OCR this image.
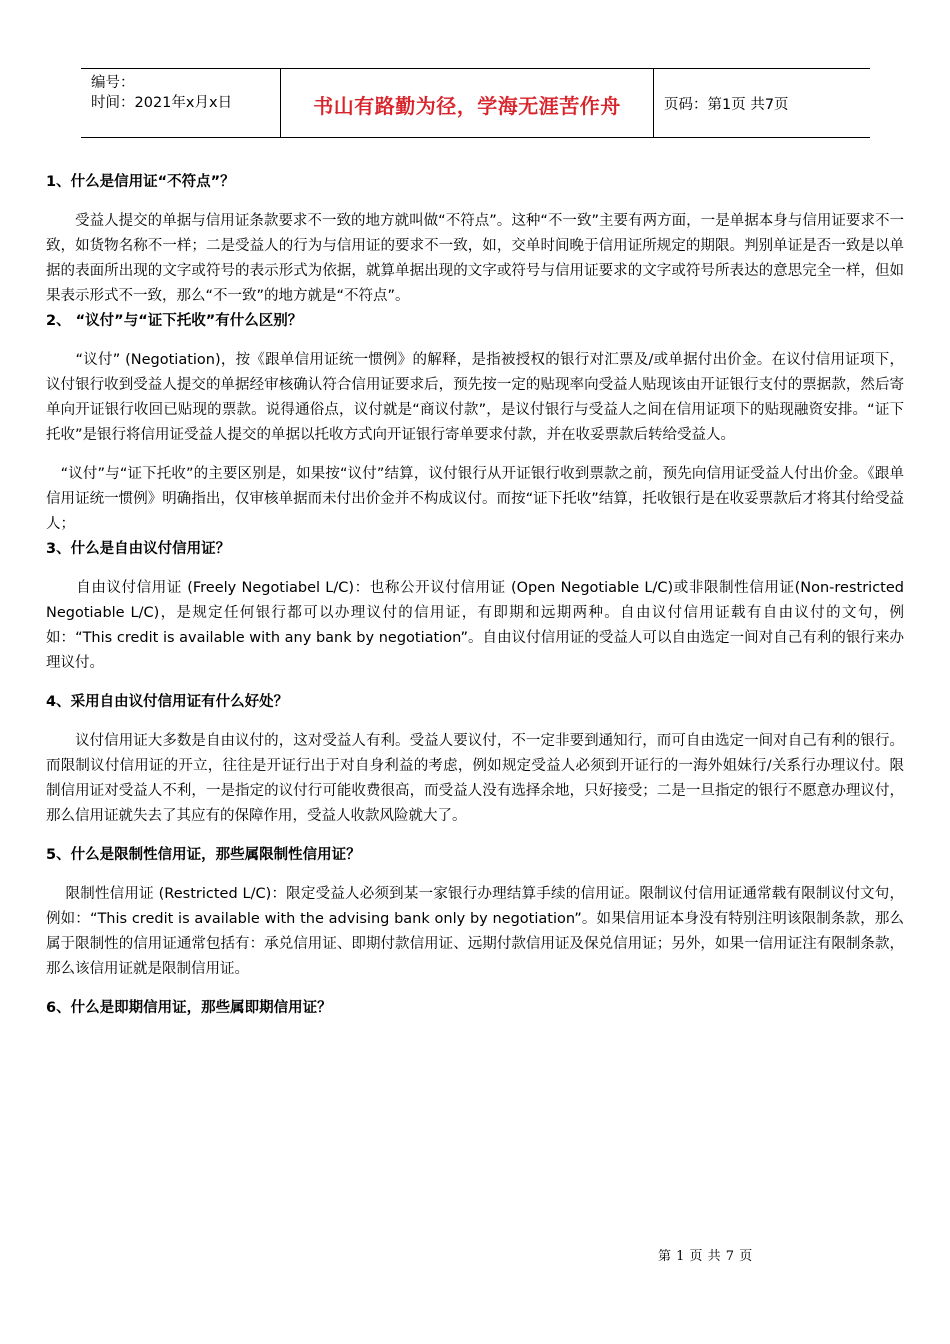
编号：
时间：2021年x月x日	书山有路勤为径，学海无涯苦作舟	页码：第1页 共7页

1、什么是信用证“不符点”？

　　受益人提交的单据与信用证条款要求不一致的地方就叫做“不符点”。这种“不一致”主要有两方面，一是单据本身与信用证要求不一致，如货物名称不一样；二是受益人的行为与信用证的要求不一致，如，交单时间晚于信用证所规定的期限。判别单证是否一致是以单据的表面所出现的文字或符号的表示形式为依据，就算单据出现的文字或符号与信用证要求的文字或符号所表达的意思完全一样，但如果表示形式不一致，那么“不一致”的地方就是“不符点”。

2、 “议付”与“证下托收”有什么区别？

　　“议付” (Negotiation)，按《跟单信用证统一惯例》的解释，是指被授权的银行对汇票及/或单据付出价金。在议付信用证项下，议付银行收到受益人提交的单据经审核确认符合信用证要求后，预先按一定的贴现率向受益人贴现该由开证银行支付的票据款，然后寄单向开证银行收回已贴现的票款。说得通俗点，议付就是“商议付款”，是议付银行与受益人之间在信用证项下的贴现融资安排。“证下托收”是银行将信用证受益人提交的单据以托收方式向开证银行寄单要求付款，并在收妥票款后转给受益人。

　“议付”与“证下托收”的主要区别是，如果按“议付”结算，议付银行从开证银行收到票款之前，预先向信用证受益人付出价金。《跟单信用证统一惯例》明确指出，仅审核单据而未付出价金并不构成议付。而按“证下托收”结算，托收银行是在收妥票款后才将其付给受益人；

3、什么是自由议付信用证？

　　自由议付信用证 (Freely Negotiabel L/C)：也称公开议付信用证 (Open Negotiable L/C)或非限制性信用证(Non-restricted Negotiable L/C)，是规定任何银行都可以办理议付的信用证，有即期和远期两种。自由议付信用证载有自由议付的文句，例如：“This credit is available with any bank by negotiation”。自由议付信用证的受益人可以自由选定一间对自己有利的银行来办理议付。

4、采用自由议付信用证有什么好处？

　　议付信用证大多数是自由议付的，这对受益人有利。受益人要议付，不一定非要到通知行，而可自由选定一间对自己有利的银行。而限制议付信用证的开立，往往是开证行出于对自身利益的考虑，例如规定受益人必须到开证行的一海外姐妹行/关系行办理议付。限制信用证对受益人不利，一是指定的议付行可能收费很高，而受益人没有选择余地，只好接受；二是一旦指定的银行不愿意办理议付，那么信用证就失去了其应有的保障作用，受益人收款风险就大了。

5、什么是限制性信用证，那些属限制性信用证？

　 限制性信用证 (Restricted L/C)：限定受益人必须到某一家银行办理结算手续的信用证。限制议付信用证通常载有限制议付文句，例如：“This credit is available with the advising bank only by negotiation”。如果信用证本身没有特别注明该限制条款，那么属于限制性的信用证通常包括有：承兑信用证、即期付款信用证、远期付款信用证及保兑信用证；另外，如果一信用证注有限制条款，那么该信用证就是限制信用证。

6、什么是即期信用证，那些属即期信用证？

第 1 页 共 7 页
